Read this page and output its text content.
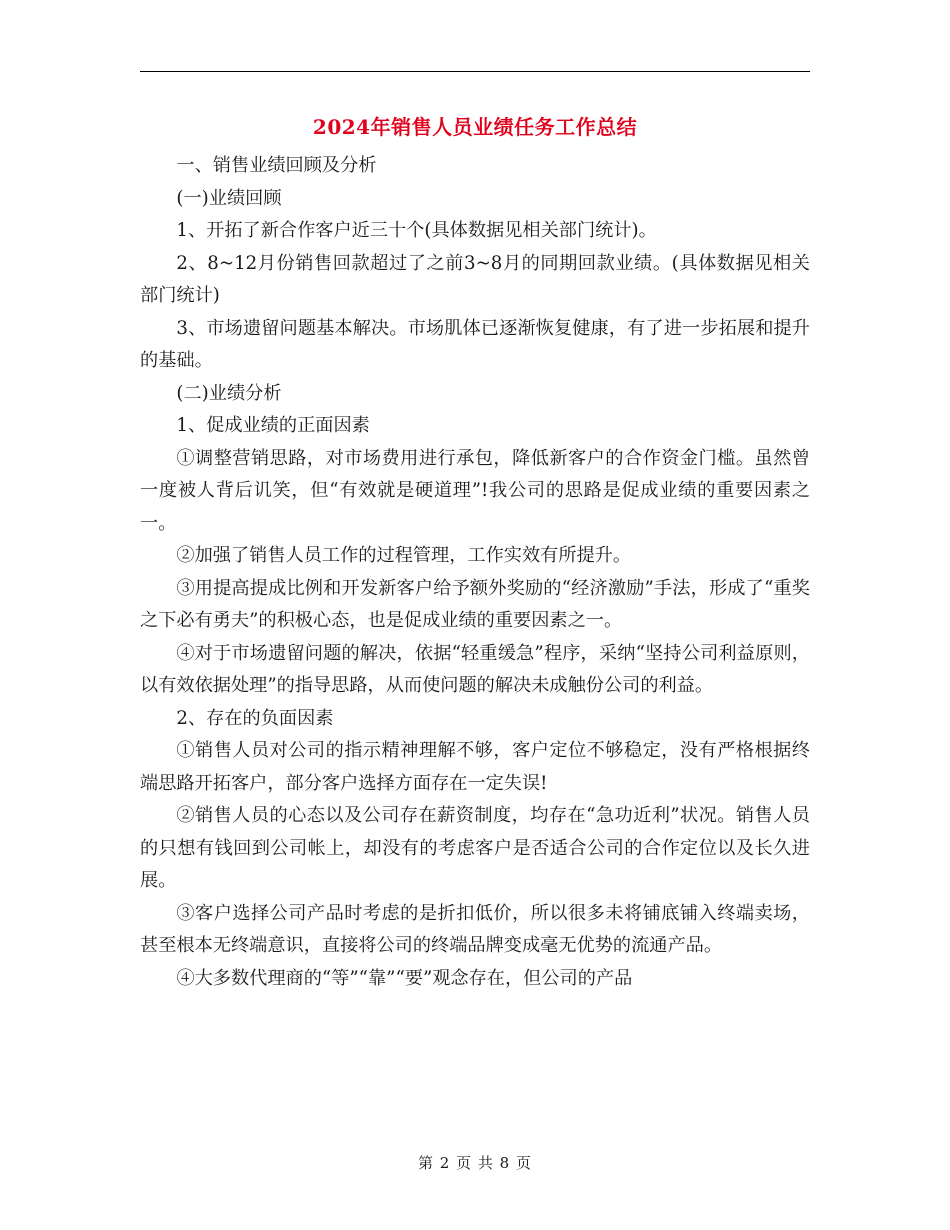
2024年销售人员业绩任务工作总结

一、销售业绩回顾及分析

(一)业绩回顾

1、开拓了新合作客户近三十个(具体数据见相关部门统计)。

2、8~12月份销售回款超过了之前3~8月的同期回款业绩。(具体数据见相关部门统计)

3、市场遗留问题基本解决。市场肌体已逐渐恢复健康，有了进一步拓展和提升的基础。

(二)业绩分析

1、促成业绩的正面因素

①调整营销思路，对市场费用进行承包，降低新客户的合作资金门槛。虽然曾一度被人背后讥笑，但“有效就是硬道理”!我公司的思路是促成业绩的重要因素之一。

②加强了销售人员工作的过程管理，工作实效有所提升。

③用提高提成比例和开发新客户给予额外奖励的“经济激励”手法，形成了“重奖之下必有勇夫”的积极心态，也是促成业绩的重要因素之一。

④对于市场遗留问题的解决，依据“轻重缓急”程序，采纳“坚持公司利益原则，以有效依据处理”的指导思路，从而使问题的解决未成触份公司的利益。

2、存在的负面因素

①销售人员对公司的指示精神理解不够，客户定位不够稳定，没有严格根据终端思路开拓客户，部分客户选择方面存在一定失误!

②销售人员的心态以及公司存在薪资制度，均存在“急功近利”状况。销售人员的只想有钱回到公司帐上，却没有的考虑客户是否适合公司的合作定位以及长久进展。

③客户选择公司产品时考虑的是折扣低价，所以很多未将铺底铺入终端卖场，甚至根本无终端意识，直接将公司的终端品牌变成毫无优势的流通产品。

④大多数代理商的“等”“靠”“要”观念存在，但公司的产品

第 2 页 共 8 页
